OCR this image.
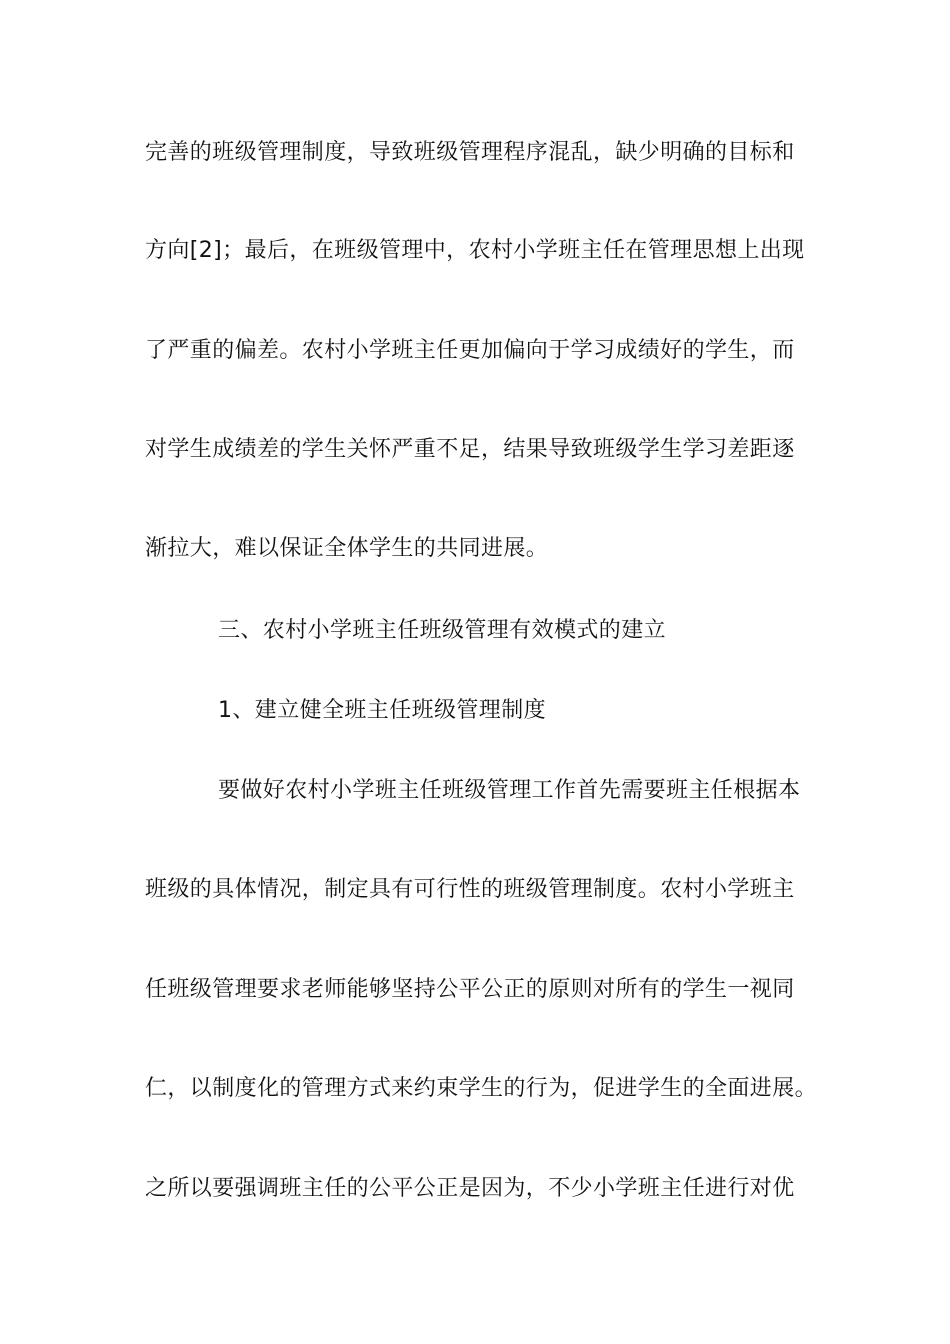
完善的班级管理制度，导致班级管理程序混乱，缺少明确的目标和
方向[2]；最后，在班级管理中，农村小学班主任在管理思想上出现
了严重的偏差。农村小学班主任更加偏向于学习成绩好的学生，而
对学生成绩差的学生关怀严重不足，结果导致班级学生学习差距逐
渐拉大，难以保证全体学生的共同进展。
三、农村小学班主任班级管理有效模式的建立
1、建立健全班主任班级管理制度
要做好农村小学班主任班级管理工作首先需要班主任根据本
班级的具体情况，制定具有可行性的班级管理制度。农村小学班主
任班级管理要求老师能够坚持公平公正的原则对所有的学生一视同
仁，以制度化的管理方式来约束学生的行为，促进学生的全面进展。
之所以要强调班主任的公平公正是因为，不少小学班主任进行对优
